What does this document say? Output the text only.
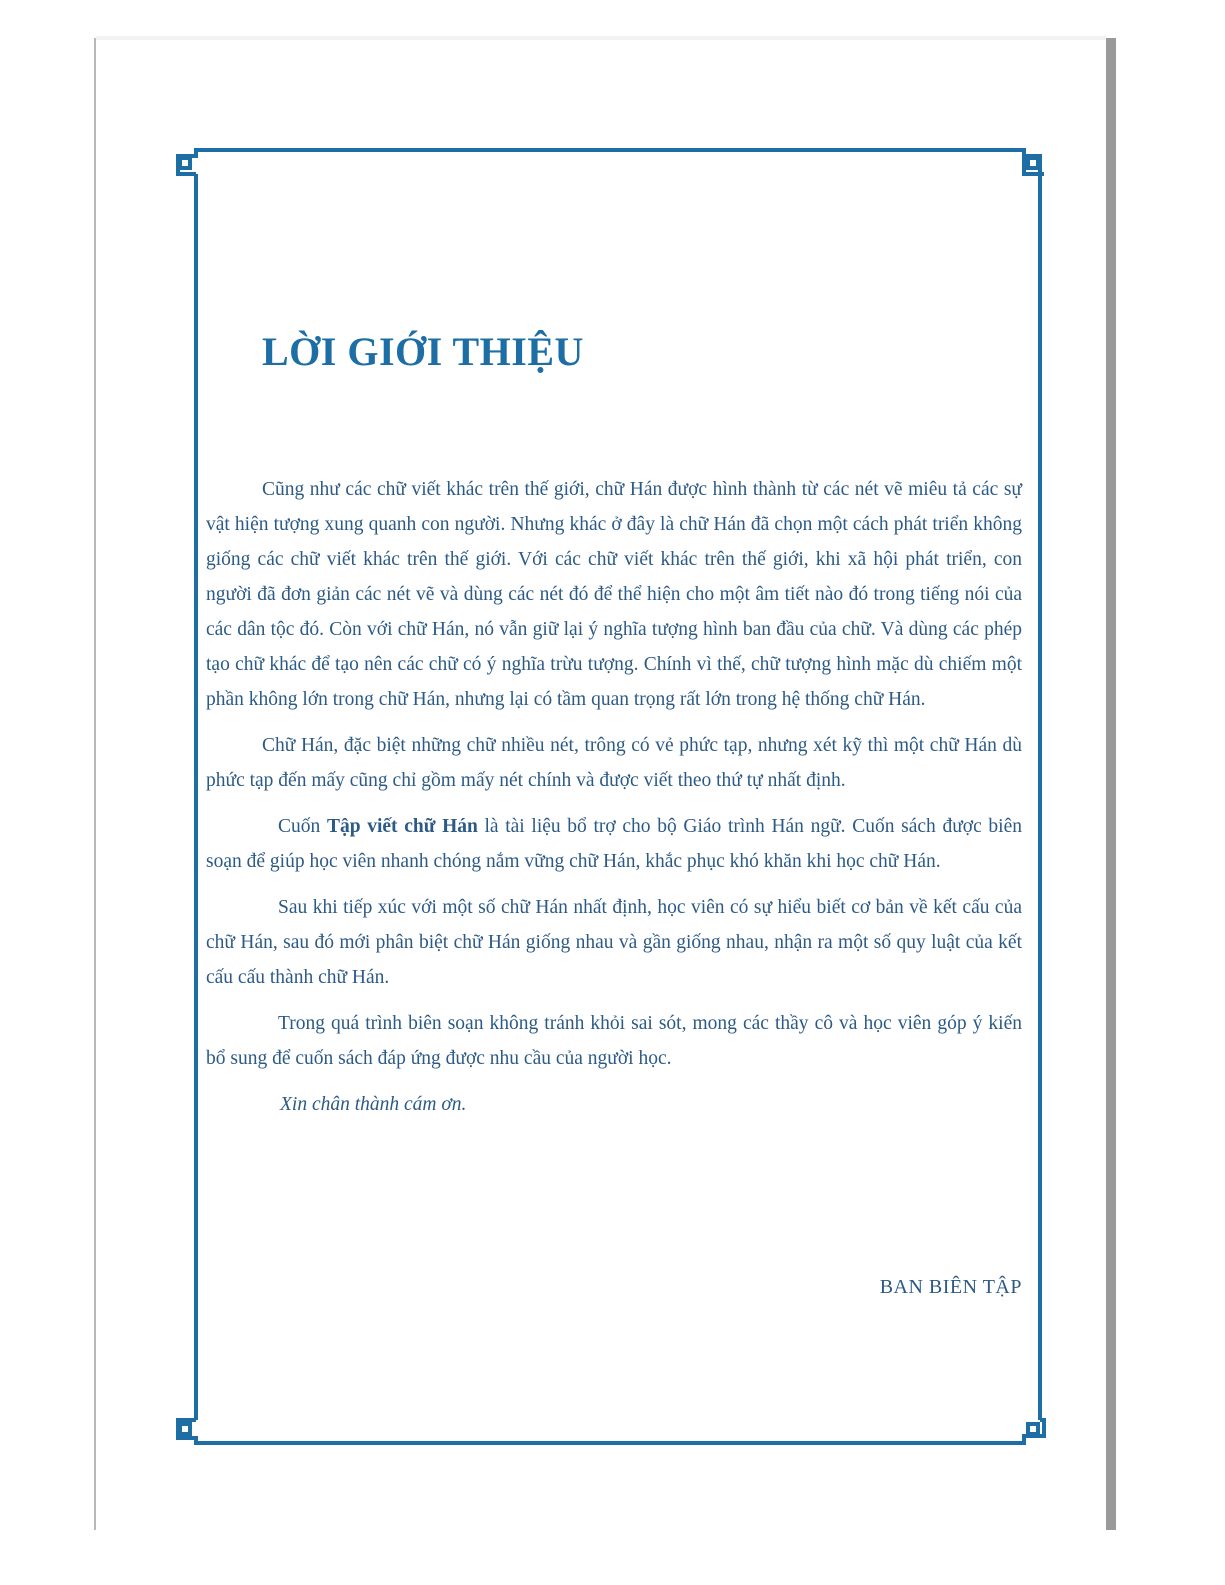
LỜI GIỚI THIỆU

Cũng như các chữ viết khác trên thế giới, chữ Hán được hình thành từ các nét vẽ miêu tả các sự vật hiện tượng xung quanh con người. Nhưng khác ở đây là chữ Hán đã chọn một cách phát triển không giống các chữ viết khác trên thế giới. Với các chữ viết khác trên thế giới, khi xã hội phát triển, con người đã đơn giản các nét vẽ và dùng các nét đó để thể hiện cho một âm tiết nào đó trong tiếng nói của các dân tộc đó. Còn với chữ Hán, nó vẫn giữ lại ý nghĩa tượng hình ban đầu của chữ. Và dùng các phép tạo chữ khác để tạo nên các chữ có ý nghĩa trừu tượng. Chính vì thế, chữ tượng hình mặc dù chiếm một phần không lớn trong chữ Hán, nhưng lại có tầm quan trọng rất lớn trong hệ thống chữ Hán.

Chữ Hán, đặc biệt những chữ nhiều nét, trông có vẻ phức tạp, nhưng xét kỹ thì một chữ Hán dù phức tạp đến mấy cũng chỉ gồm mấy nét chính và được viết theo thứ tự nhất định.

Cuốn Tập viết chữ Hán là tài liệu bổ trợ cho bộ Giáo trình Hán ngữ. Cuốn sách được biên soạn để giúp học viên nhanh chóng nắm vững chữ Hán, khắc phục khó khăn khi học chữ Hán.

Sau khi tiếp xúc với một số chữ Hán nhất định, học viên có sự hiểu biết cơ bản về kết cấu của chữ Hán, sau đó mới phân biệt chữ Hán giống nhau và gần giống nhau, nhận ra một số quy luật của kết cấu cấu thành chữ Hán.

Trong quá trình biên soạn không tránh khỏi sai sót, mong các thầy cô và học viên góp ý kiến bổ sung để cuốn sách đáp ứng được nhu cầu của người học.

Xin chân thành cám ơn.

BAN BIÊN TẬP
